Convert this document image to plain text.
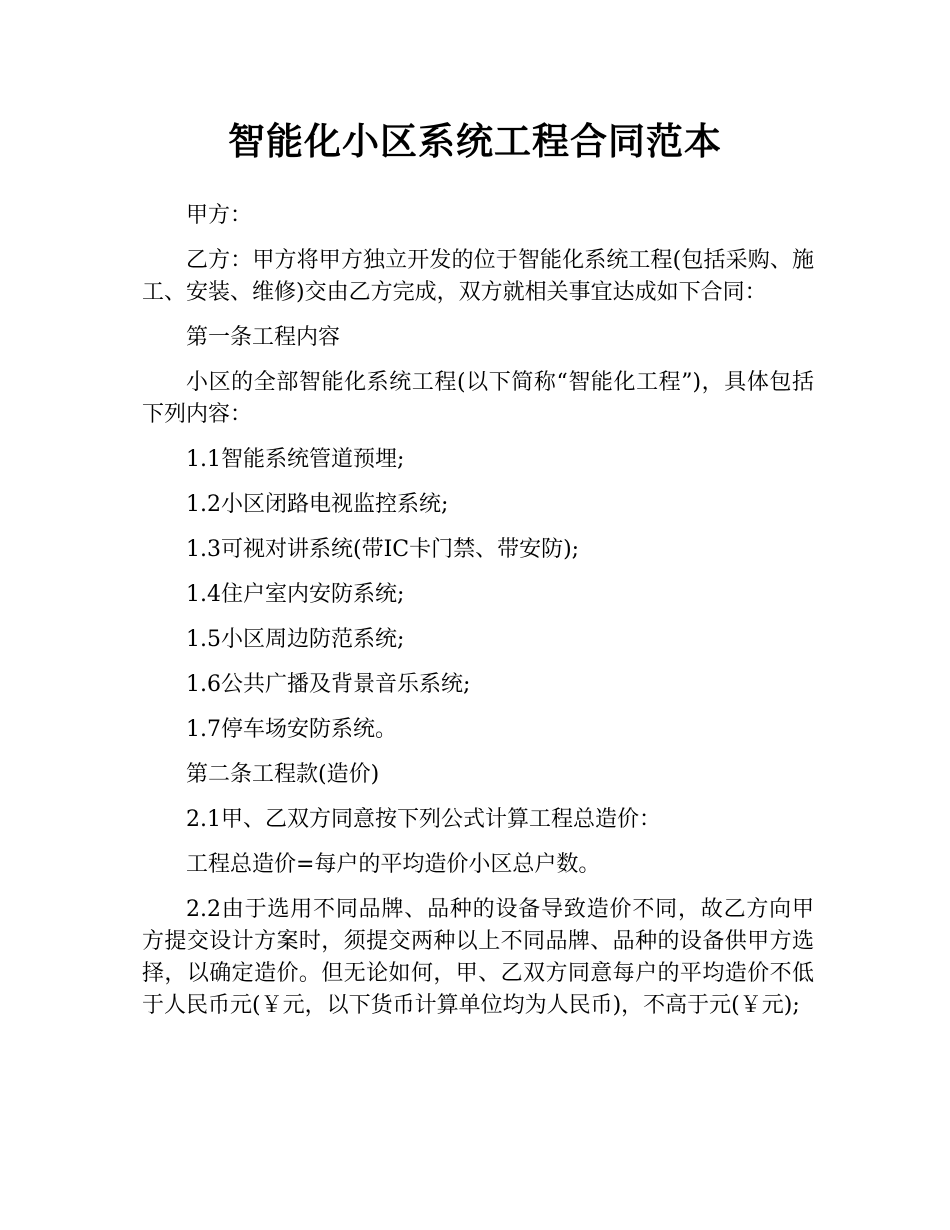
智能化小区系统工程合同范本

甲方：

乙方：甲方将甲方独立开发的位于智能化系统工程(包括采购、施工、安装、维修)交由乙方完成，双方就相关事宜达成如下合同：

第一条工程内容

小区的全部智能化系统工程(以下简称“智能化工程”)，具体包括下列内容：

1.1智能系统管道预埋;

1.2小区闭路电视监控系统;

1.3可视对讲系统(带IC卡门禁、带安防);

1.4住户室内安防系统;

1.5小区周边防范系统;

1.6公共广播及背景音乐系统;

1.7停车场安防系统。

第二条工程款(造价)

2.1甲、乙双方同意按下列公式计算工程总造价：

工程总造价=每户的平均造价小区总户数。

2.2由于选用不同品牌、品种的设备导致造价不同，故乙方向甲方提交设计方案时，须提交两种以上不同品牌、品种的设备供甲方选择，以确定造价。但无论如何，甲、乙双方同意每户的平均造价不低于人民币元(￥元，以下货币计算单位均为人民币)，不高于元(￥元);
